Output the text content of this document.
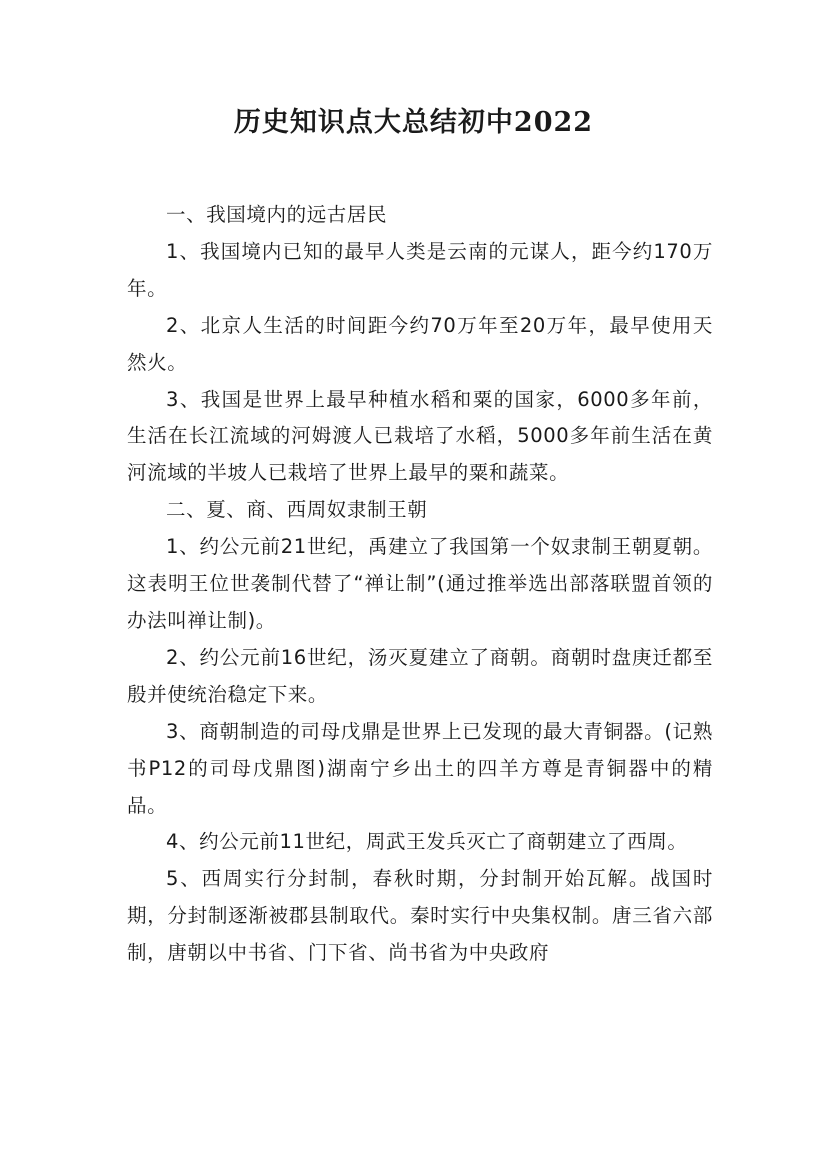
历史知识点大总结初中2022

一、我国境内的远古居民

1、我国境内已知的最早人类是云南的元谋人，距今约170万年。

2、北京人生活的时间距今约70万年至20万年，最早使用天然火。

3、我国是世界上最早种植水稻和粟的国家，6000多年前，生活在长江流域的河姆渡人已栽培了水稻，5000多年前生活在黄河流域的半坡人已栽培了世界上最早的粟和蔬菜。

二、夏、商、西周奴隶制王朝

1、约公元前21世纪，禹建立了我国第一个奴隶制王朝夏朝。这表明王位世袭制代替了“禅让制”(通过推举选出部落联盟首领的办法叫禅让制)。

2、约公元前16世纪，汤灭夏建立了商朝。商朝时盘庚迁都至殷并使统治稳定下来。

3、商朝制造的司母戊鼎是世界上已发现的最大青铜器。(记熟书P12的司母戊鼎图)湖南宁乡出土的四羊方尊是青铜器中的精品。

4、约公元前11世纪，周武王发兵灭亡了商朝建立了西周。

5、西周实行分封制，春秋时期，分封制开始瓦解。战国时期，分封制逐渐被郡县制取代。秦时实行中央集权制。唐三省六部制，唐朝以中书省、门下省、尚书省为中央政府
